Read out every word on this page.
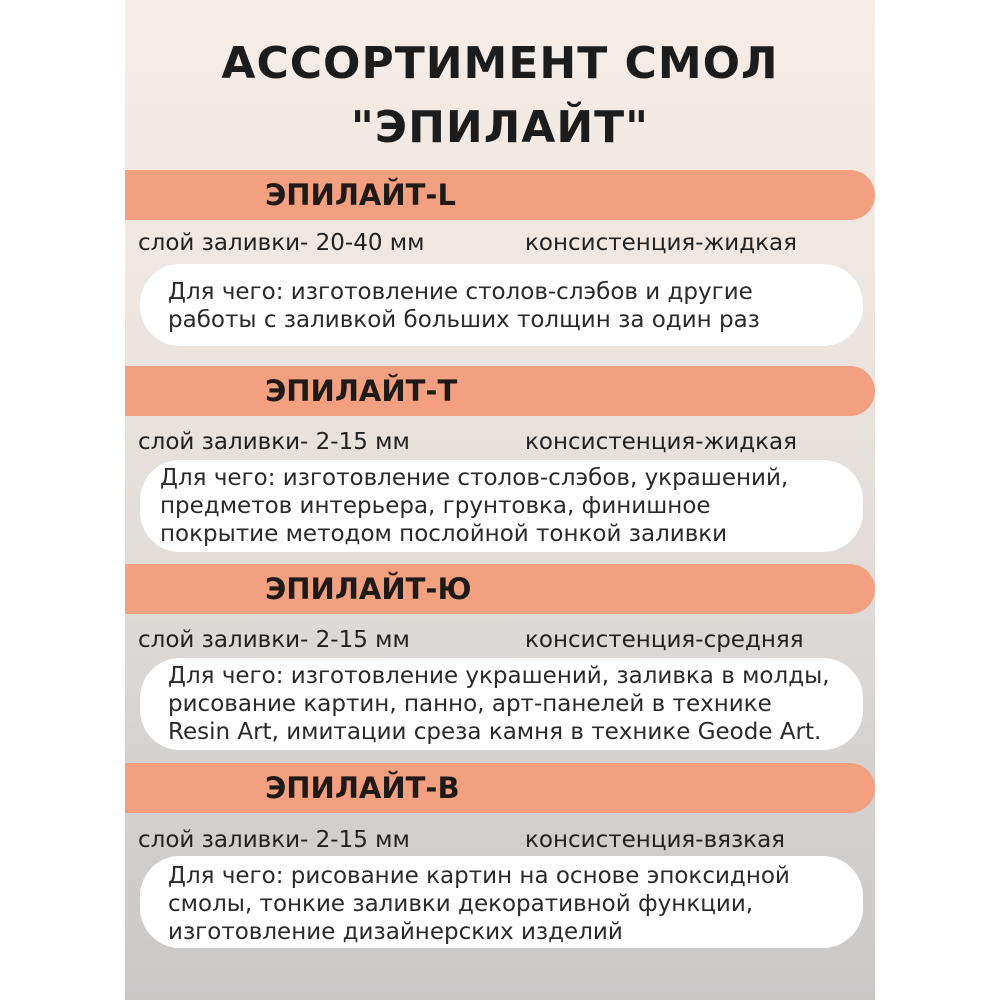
АССОРТИМЕНТ СМОЛ
"ЭПИЛАЙТ"
ЭПИЛАЙТ-L
слой заливки- 20-40 мм	консистенция-жидкая
Для чего: изготовление столов-слэбов и другие
работы с заливкой больших толщин за один раз
ЭПИЛАЙТ-Т
слой заливки- 2-15 мм	консистенция-жидкая
Для чего: изготовление столов-слэбов, украшений,
предметов интерьера, грунтовка, финишное
покрытие методом послойной тонкой заливки
ЭПИЛАЙТ-Ю
слой заливки- 2-15 мм	консистенция-средняя
Для чего: изготовление украшений, заливка в молды,
рисование картин, панно, арт-панелей в технике
Resin Art, имитации среза камня в технике Geode Art.
ЭПИЛАЙТ-В
слой заливки- 2-15 мм	консистенция-вязкая
Для чего: рисование картин на основе эпоксидной
смолы, тонкие заливки декоративной функции,
изготовление дизайнерских изделий
